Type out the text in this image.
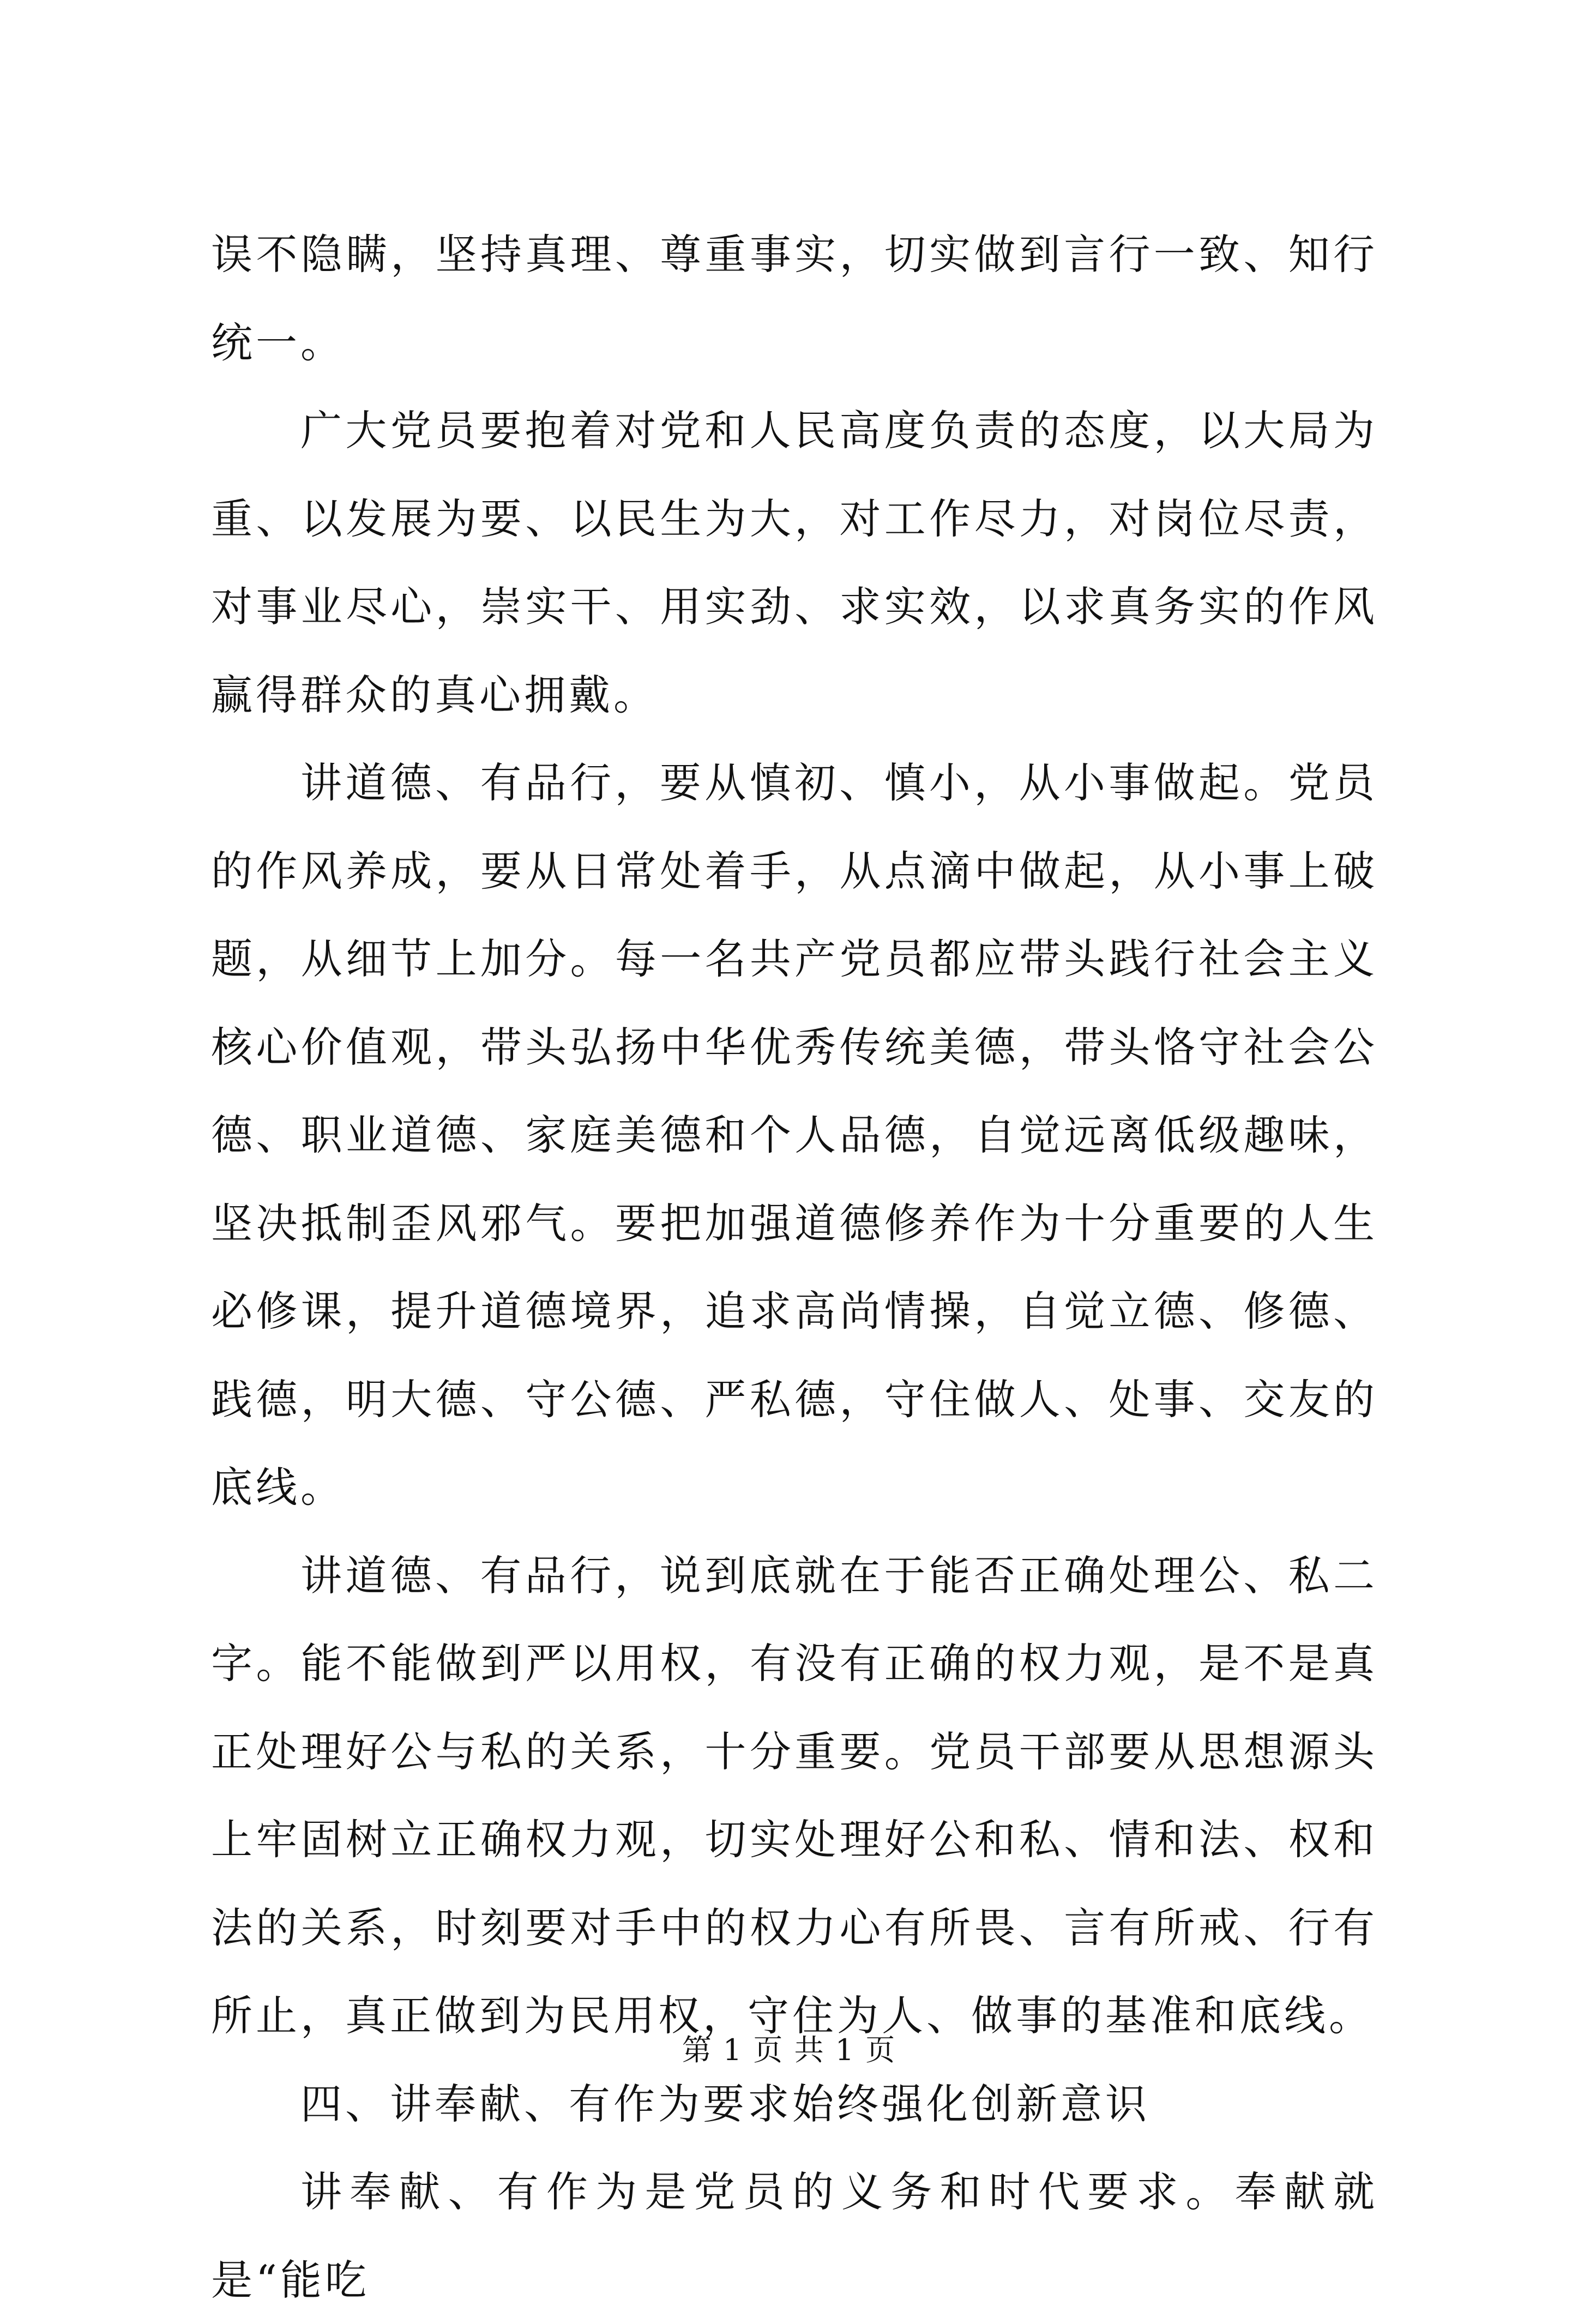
误不隐瞒，坚持真理、尊重事实，切实做到言行一致、知行统一。

广大党员要抱着对党和人民高度负责的态度，以大局为重、以发展为要、以民生为大，对工作尽力，对岗位尽责，对事业尽心，崇实干、用实劲、求实效，以求真务实的作风赢得群众的真心拥戴。

讲道德、有品行，要从慎初、慎小，从小事做起。党员的作风养成，要从日常处着手，从点滴中做起，从小事上破题，从细节上加分。每一名共产党员都应带头践行社会主义核心价值观，带头弘扬中华优秀传统美德，带头恪守社会公德、职业道德、家庭美德和个人品德，自觉远离低级趣味，坚决抵制歪风邪气。要把加强道德修养作为十分重要的人生必修课，提升道德境界，追求高尚情操，自觉立德、修德、践德，明大德、守公德、严私德，守住做人、处事、交友的底线。

讲道德、有品行，说到底就在于能否正确处理公、私二字。能不能做到严以用权，有没有正确的权力观，是不是真正处理好公与私的关系，十分重要。党员干部要从思想源头上牢固树立正确权力观，切实处理好公和私、情和法、权和法的关系，时刻要对手中的权力心有所畏、言有所戒、行有所止，真正做到为民用权，守住为人、做事的基准和底线。

四、讲奉献、有作为要求始终强化创新意识

讲奉献、有作为是党员的义务和时代要求。奉献就是“能吃

第 1 页 共 1 页
